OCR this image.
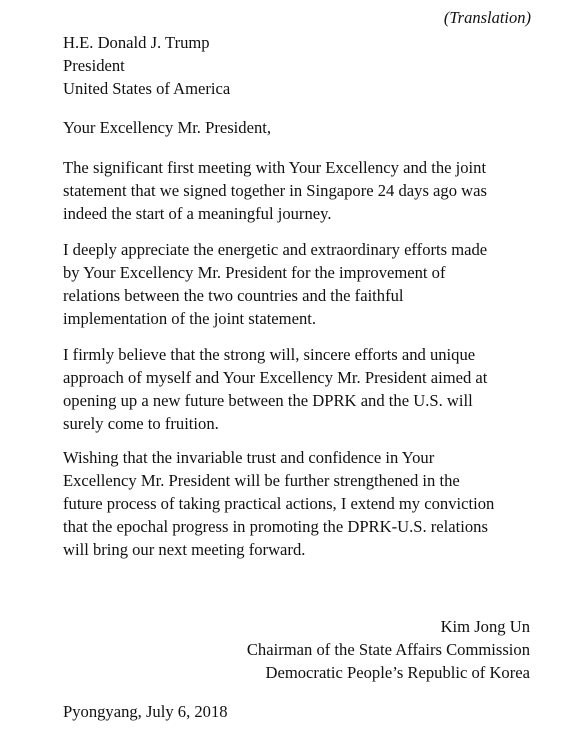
(Translation)
H.E. Donald J. Trump
President
United States of America
Your Excellency Mr. President,
The significant first meeting with Your Excellency and the joint
statement that we signed together in Singapore 24 days ago was
indeed the start of a meaningful journey.
I deeply appreciate the energetic and extraordinary efforts made
by Your Excellency Mr. President for the improvement of
relations between the two countries and the faithful
implementation of the joint statement.
I firmly believe that the strong will, sincere efforts and unique
approach of myself and Your Excellency Mr. President aimed at
opening up a new future between the DPRK and the U.S. will
surely come to fruition.
Wishing that the invariable trust and confidence in Your
Excellency Mr. President will be further strengthened in the
future process of taking practical actions, I extend my conviction
that the epochal progress in promoting the DPRK-U.S. relations
will bring our next meeting forward.
Kim Jong Un
Chairman of the State Affairs Commission
Democratic People’s Republic of Korea
Pyongyang, July 6, 2018
